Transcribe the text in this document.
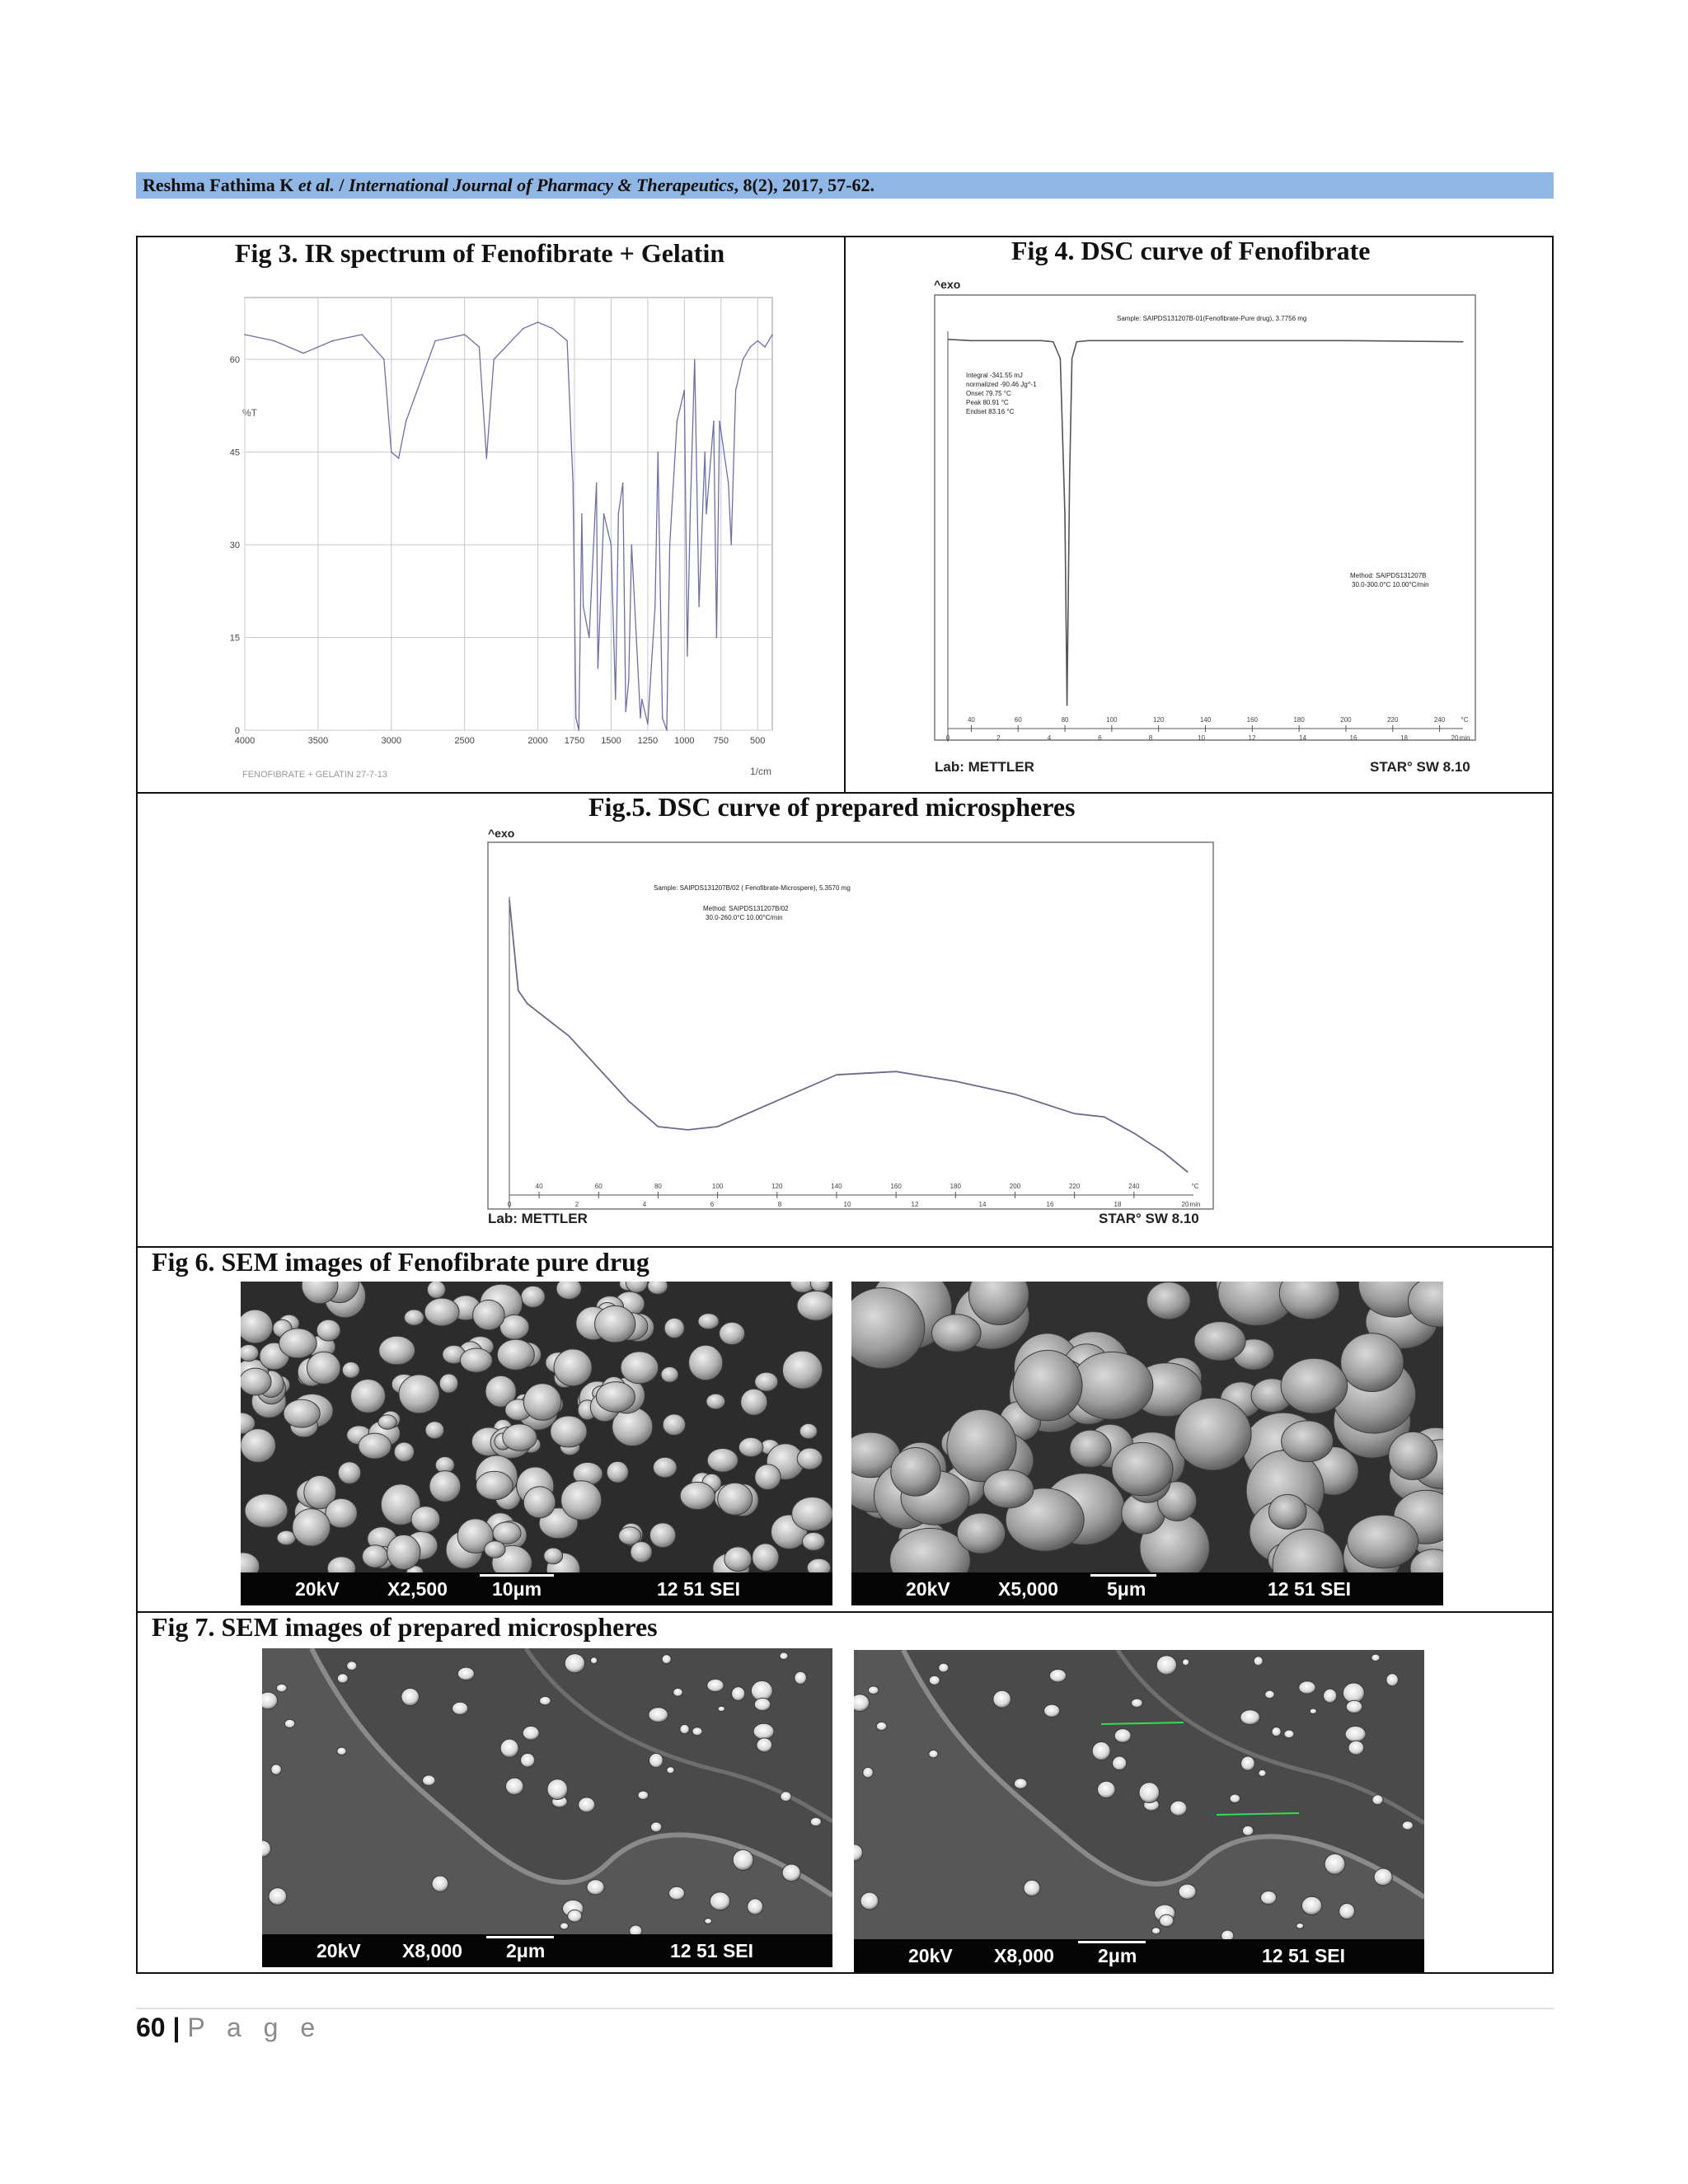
Reshma Fathima K et al. / International Journal of Pharmacy & Therapeutics, 8(2), 2017, 57-62.
Fig 3. IR spectrum of Fenofibrate + Gelatin	Fig 4. DSC curve of Fenofibrate
Fig.5. DSC curve of prepared microspheres
Fig 6. SEM images of Fenofibrate pure drug
Fig 7. SEM images of prepared microspheres
%T
1/cm
FENOFIBRATE + GELATIN 27-7-13
4000	3500	3000	2500	2000 1750 1500 1250 1000 750 500
0
15
30
45
60
^exo
Sample: SAIPDS131207B-01(Fenofibrate-Pure drug), 3.7756 mg
Integral -341.55 mJ
normalized -90.46 Jg^-1
Onset 79.75 °C
Peak 80.91 °C
Endset 83.16 °C
Method: SAIPDS131207B
30.0-300.0°C 10.00°C/min
Lab: METTLER	STAR° SW 8.10
40	60	80	100	120	140	160	180	200	220	240 °C
0	2	4	6	8	10	12	14	16	18	20 min
^exo
Sample: SAIPDS131207B/02 ( Fenofibrate-Microspere), 5.3570 mg
Method: SAIPDS131207B/02
30.0-260.0°C 10.00°C/min
Lab: METTLER	STAR° SW 8.10
40	60	80	100	120	140	160	180	200	220	240	°C
0	2	4	6	8	10	12	14	16	18	20 min
20kV	X2,500 10μm	12 51 SEI	20kV	X5,000	5μm	12 51 SEI
20kV X8,000 2μm	12 51 SEI	20kV X8,000 2μm	12 51 SEI
60 | P a g e
